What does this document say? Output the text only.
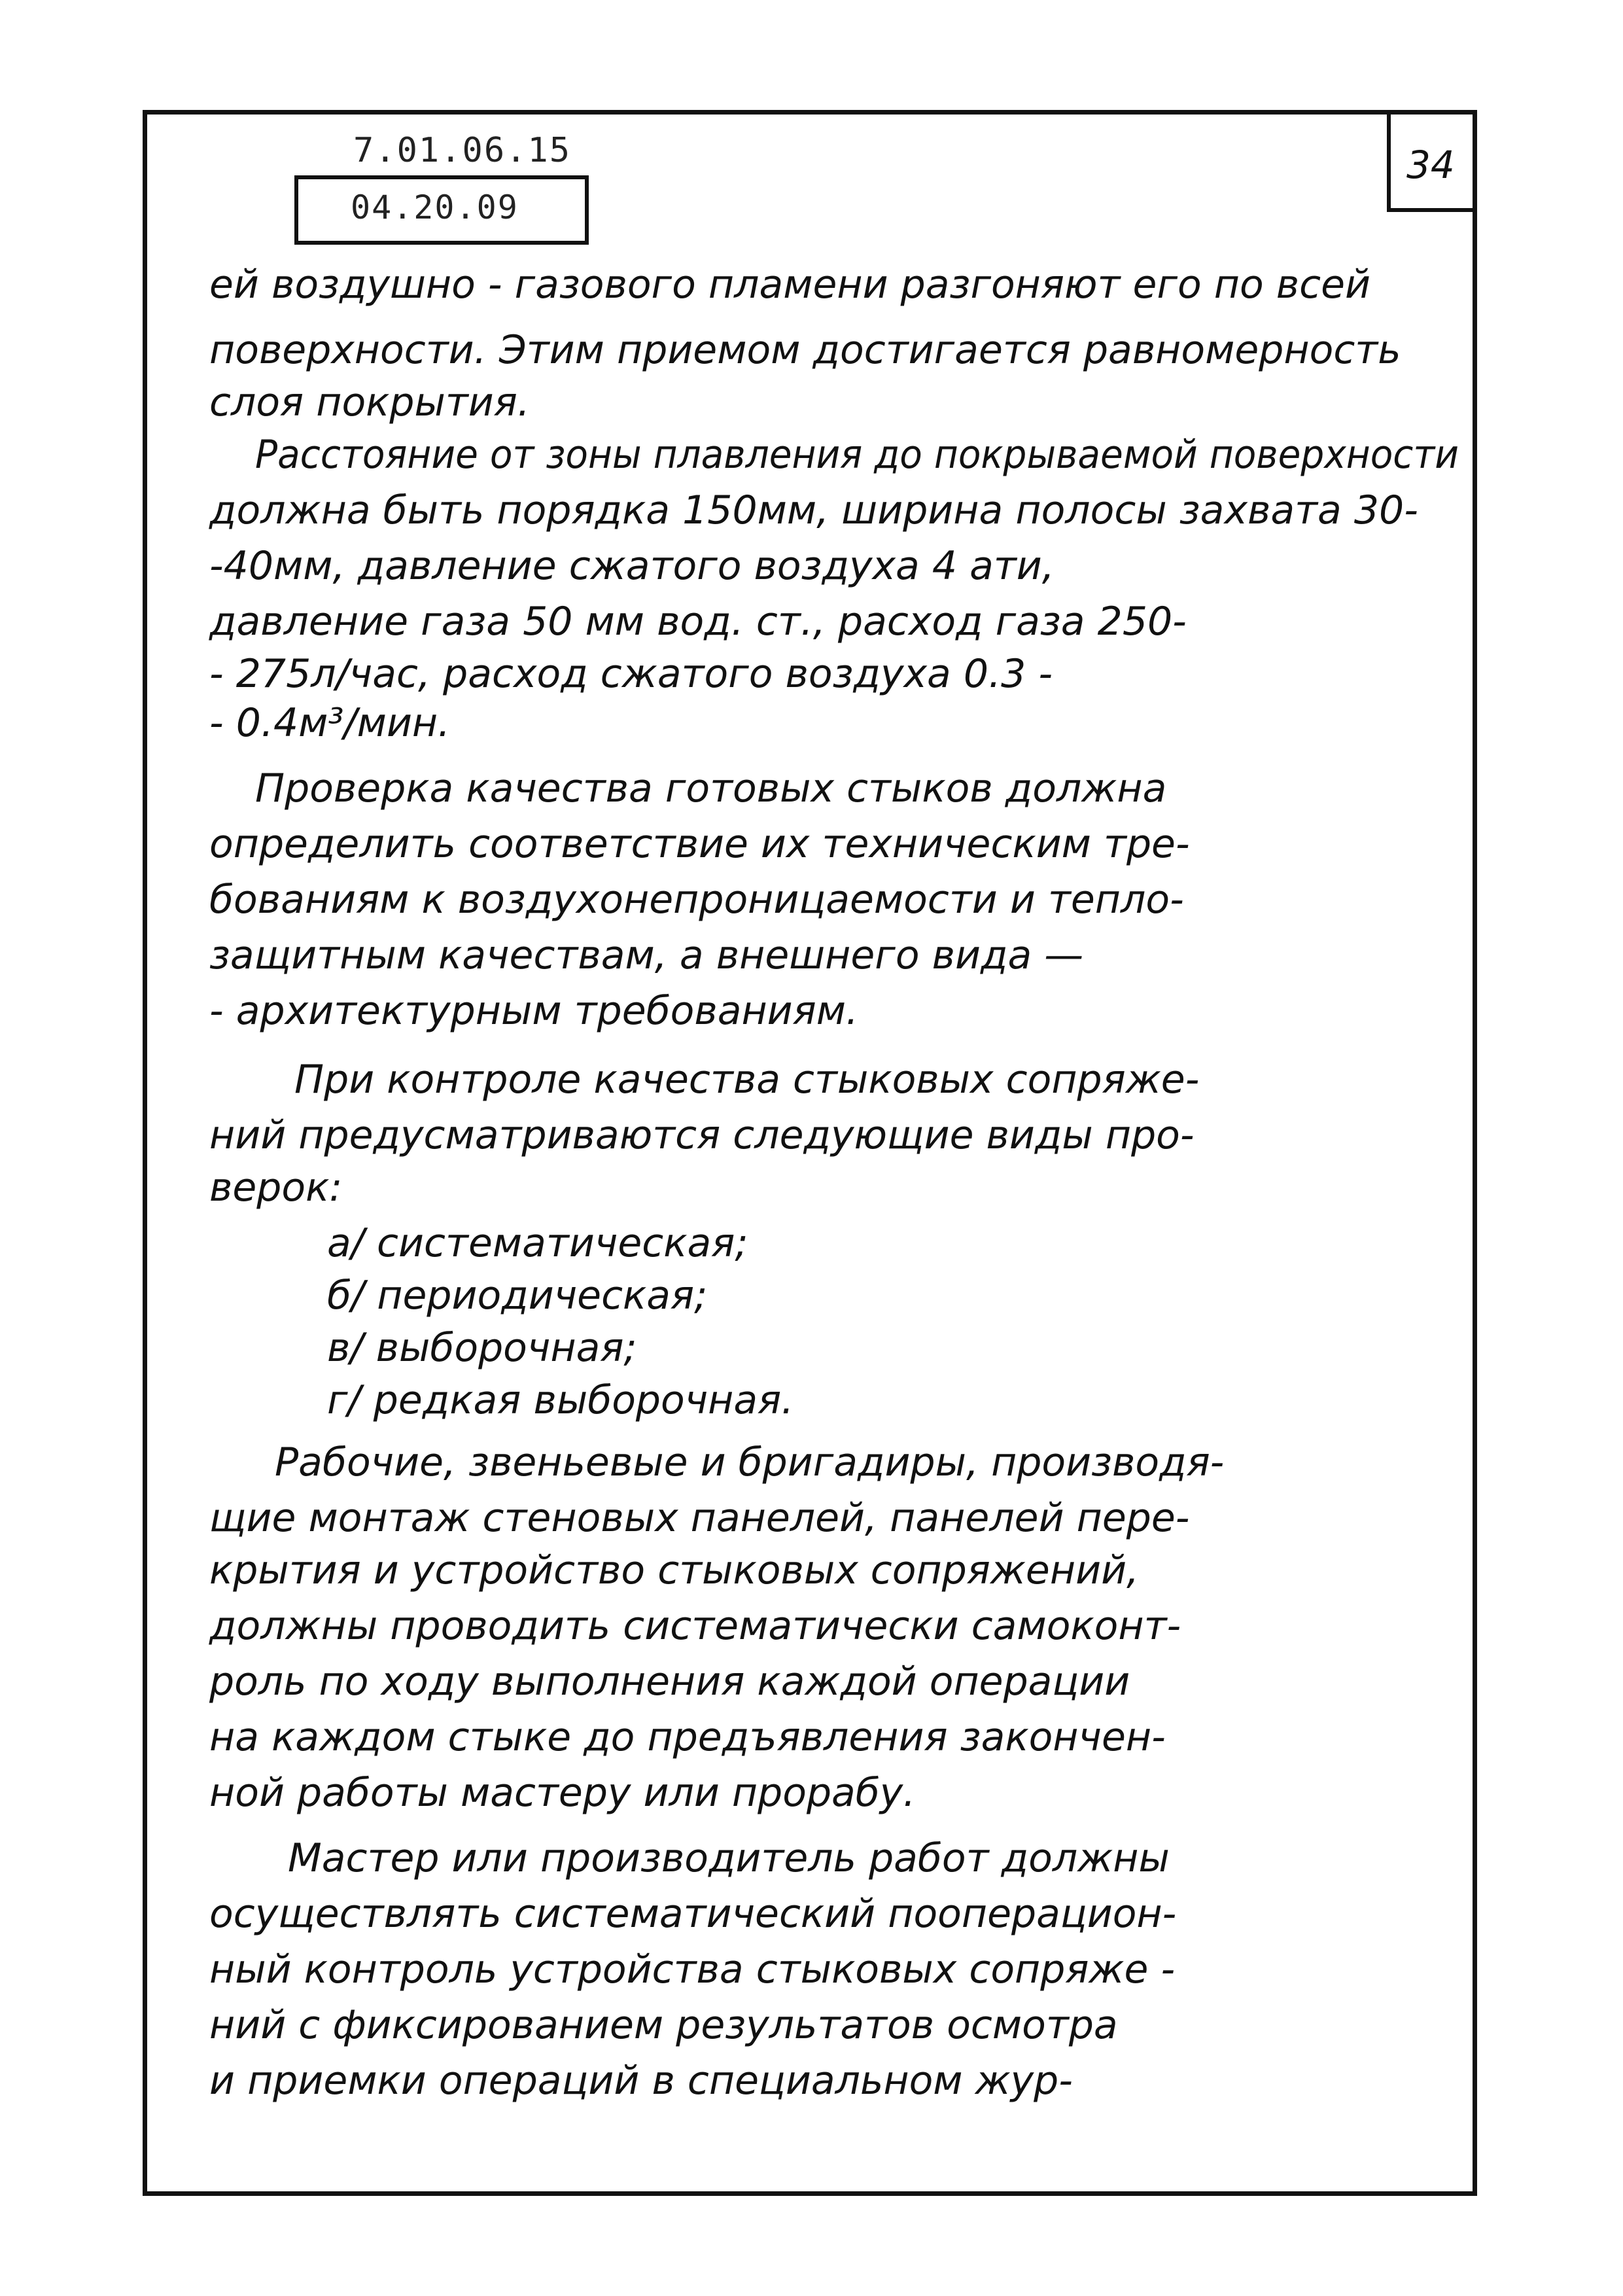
7.01.06.15
04.20.09
34
ей воздушно - газового пламени разгоняют его по всей
поверхности. Этим приемом достигается равномерность
слоя покрытия.
Расстояние от зоны плавления до покрываемой поверхности
должна быть порядка 150мм, ширина полосы захвата 30-
-40мм, давление сжатого воздуха 4 ати,
давление газа 50 мм вод. ст., расход газа 250-
- 275л/час, расход сжатого воздуха 0.3 -
- 0.4м³/мин.
Проверка качества готовых стыков должна
определить соответствие их техническим тре-
бованиям к воздухонепроницаемости и тепло-
защитным качествам, а внешнего вида —
- архитектурным требованиям.
При контроле качества стыковых сопряже-
ний предусматриваются следующие виды про-
верок:
а/ систематическая;
б/ периодическая;
в/ выборочная;
г/ редкая выборочная.
Рабочие, звеньевые и бригадиры, производя-
щие монтаж стеновых панелей, панелей пере-
крытия и устройство стыковых сопряжений,
должны проводить систематически самоконт-
роль по ходу выполнения каждой операции
на каждом стыке до предъявления закончен-
ной работы мастеру или прорабу.
Мастер или производитель работ должны
осуществлять систематический пооперацион-
ный контроль устройства стыковых сопряже -
ний с фиксированием результатов осмотра
и приемки операций в специальном жур-
